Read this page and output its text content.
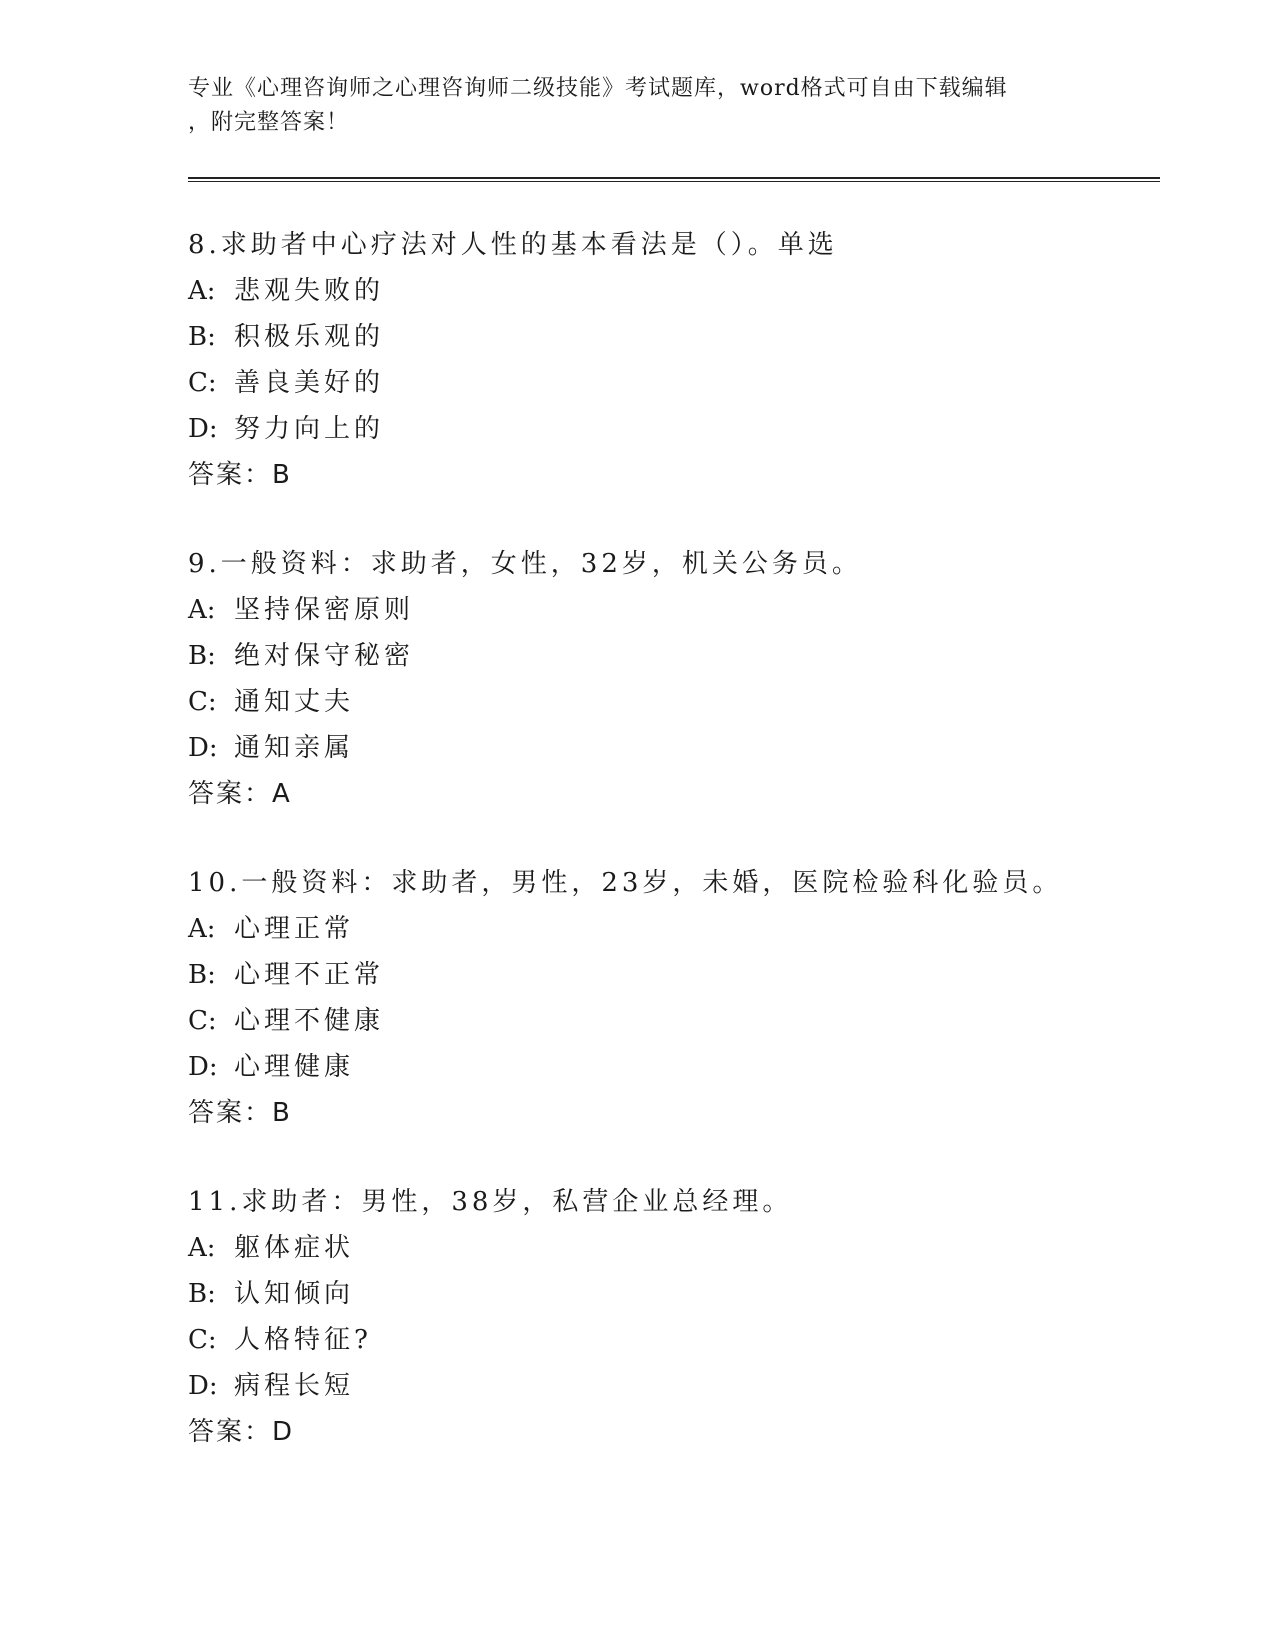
专业《心理咨询师之心理咨询师二级技能》考试题库，word格式可自由下载编辑
，附完整答案！
8.求助者中心疗法对人性的基本看法是（）。单选
A: 悲观失败的
B: 积极乐观的
C: 善良美好的
D: 努力向上的
答案：B
9.一般资料：求助者，女性，32岁，机关公务员。
A: 坚持保密原则
B: 绝对保守秘密
C: 通知丈夫
D: 通知亲属
答案：A
10.一般资料：求助者，男性，23岁，未婚，医院检验科化验员。
A: 心理正常
B: 心理不正常
C: 心理不健康
D: 心理健康
答案：B
11.求助者：男性，38岁，私营企业总经理。
A: 躯体症状
B: 认知倾向
C: 人格特征?
D: 病程长短
答案：D
